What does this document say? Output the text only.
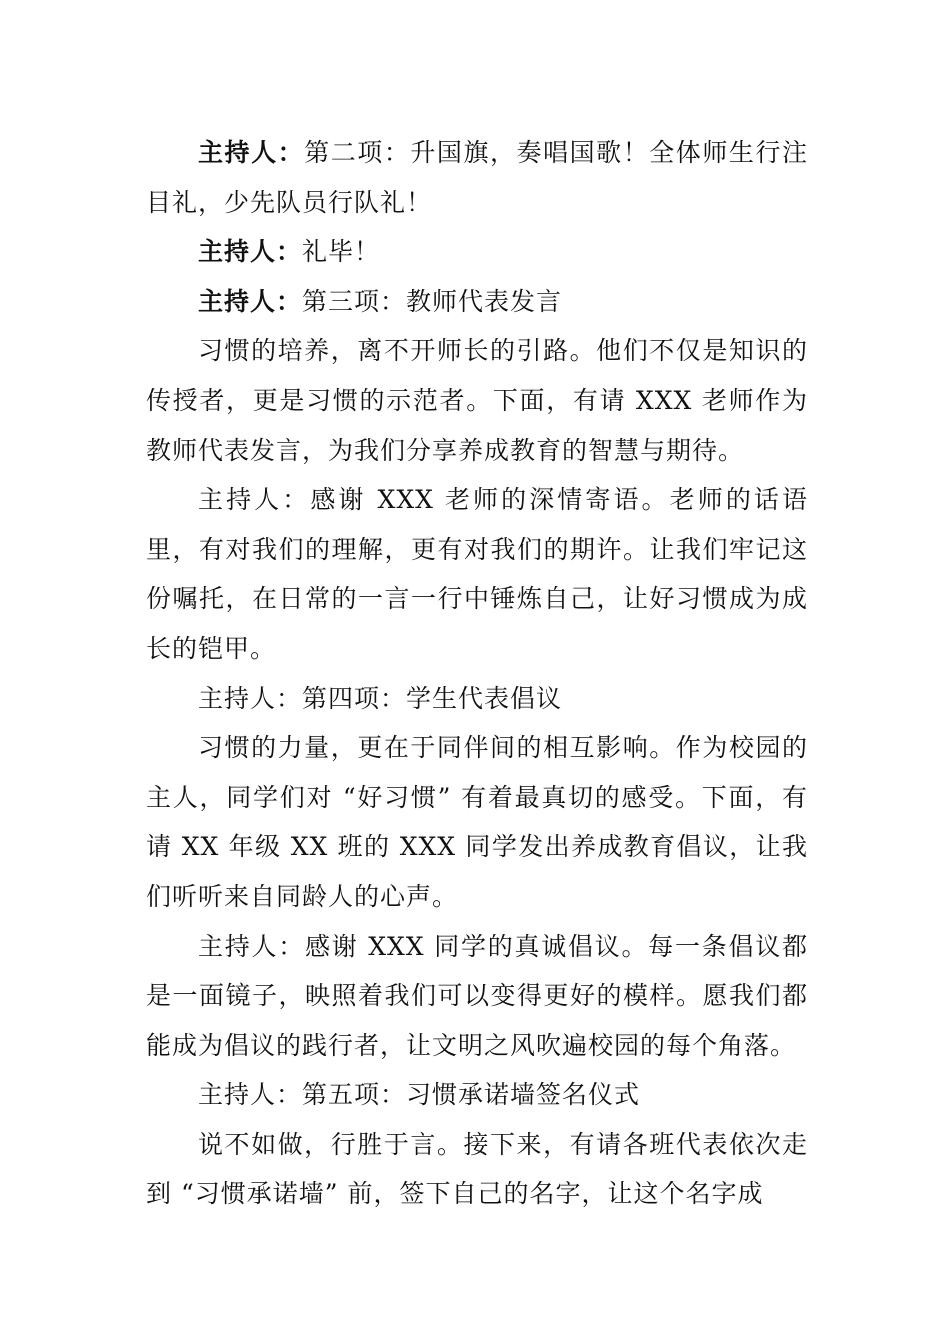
主持人：第二项：升国旗，奏唱国歌！全体师生行注目礼，少先队员行队礼！

主持人：礼毕！

主持人：第三项：教师代表发言

习惯的培养，离不开师长的引路。他们不仅是知识的传授者，更是习惯的示范者。下面，有请 XXX 老师作为教师代表发言，为我们分享养成教育的智慧与期待。

主持人：感谢 XXX 老师的深情寄语。老师的话语里，有对我们的理解，更有对我们的期许。让我们牢记这份嘱托，在日常的一言一行中锤炼自己，让好习惯成为成长的铠甲。

主持人：第四项：学生代表倡议

习惯的力量，更在于同伴间的相互影响。作为校园的主人，同学们对 “好习惯” 有着最真切的感受。下面，有请 XX 年级 XX 班的 XXX 同学发出养成教育倡议，让我们听听来自同龄人的心声。

主持人：感谢 XXX 同学的真诚倡议。每一条倡议都是一面镜子，映照着我们可以变得更好的模样。愿我们都能成为倡议的践行者，让文明之风吹遍校园的每个角落。

主持人：第五项：习惯承诺墙签名仪式

说不如做，行胜于言。接下来，有请各班代表依次走到 “习惯承诺墙” 前，签下自己的名字，让这个名字成
